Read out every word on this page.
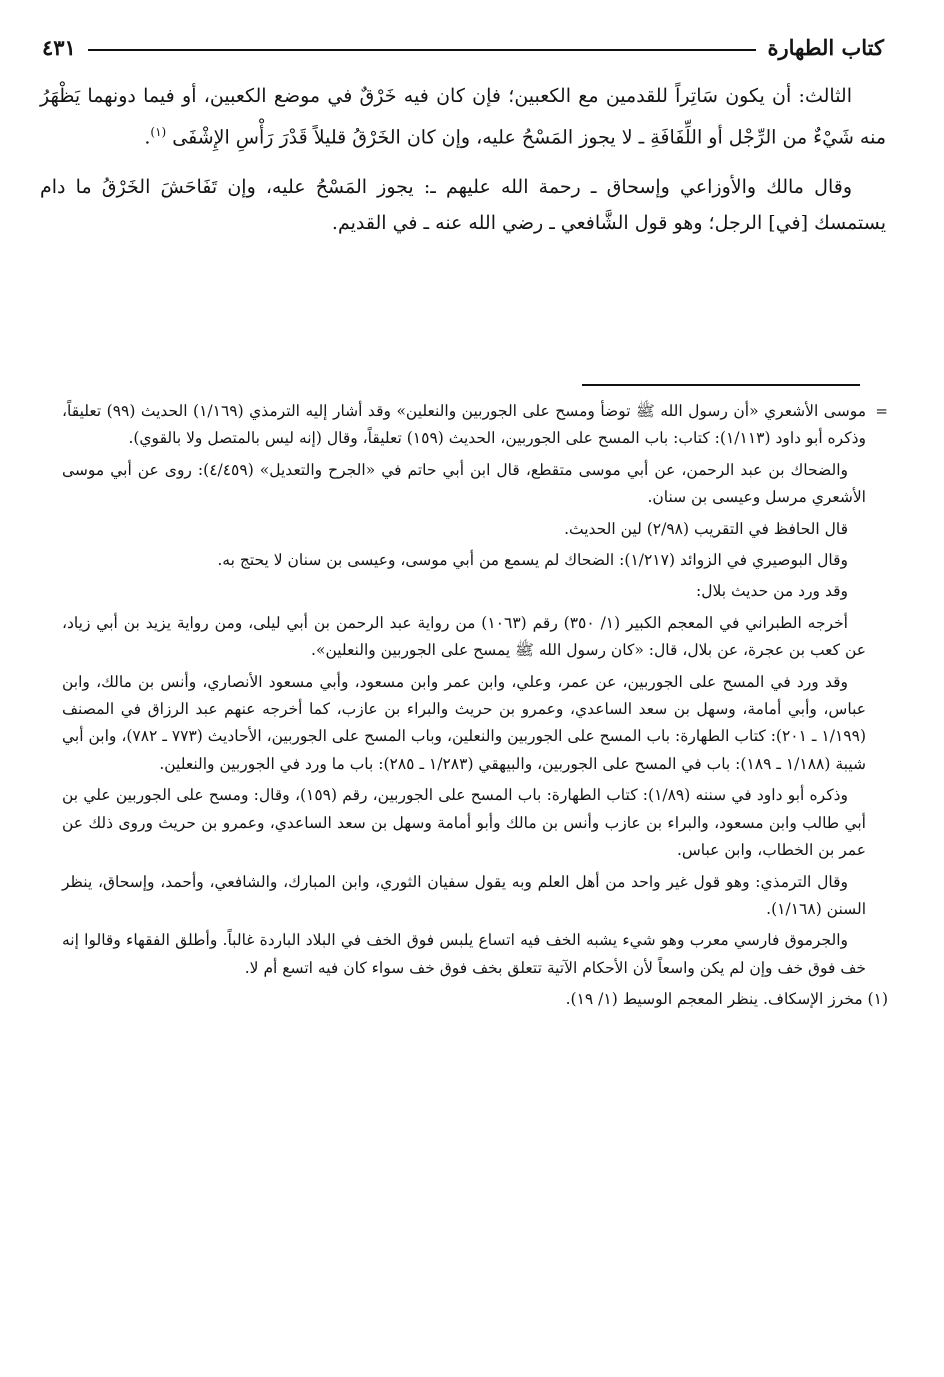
كتاب الطهارة
٤٣١

الثالث: أن يكون سَاتِراً للقدمين مع الكعبين؛ فإن كان فيه خَرْقٌ في موضع الكعبين، أو فيما دونهما يَظْهَرُ منه شَيْءٌ من الرِّجْل أو اللِّفَافَةِ ـ لا يجوز المَسْحُ عليه، وإن كان الخَرْقُ قليلاً قَدْرَ رَأْسِ الإِشْفَى $^{(١)}$.

وقال مالك والأوزاعي وإسحاق ـ رحمة الله عليهم ـ: يجوز المَسْحُ عليه، وإن تَفَاحَشَ الخَرْقُ ما دام يستمسك [في] الرجل؛ وهو قول الشَّافعي ـ رضي الله عنه ـ في القديم.

=
موسى الأشعري «أن رسول الله ﷺ توضأ ومسح على الجوربين والنعلين» وقد أشار إليه الترمذي (١/١٦٩) الحديث (٩٩) تعليقاً، وذكره أبو داود (١/١١٣): كتاب: باب المسح على الجوربين، الحديث (١٥٩) تعليقاً، وقال (إنه ليس بالمتصل ولا بالقوي).

والضحاك بن عبد الرحمن، عن أبي موسى متقطع، قال ابن أبي حاتم في «الجرح والتعديل» (٤/٤٥٩): روى عن أبي موسى الأشعري مرسل وعيسى بن سنان.

قال الحافظ في التقريب (٢/٩٨) لين الحديث.

وقال البوصيري في الزوائد (١/٢١٧): الضحاك لم يسمع من أبي موسى، وعيسى بن سنان لا يحتج به.

وقد ورد من حديث بلال:

أخرجه الطبراني في المعجم الكبير (١/ ٣٥٠) رقم (١٠٦٣) من رواية عبد الرحمن بن أبي ليلى، ومن رواية يزيد بن أبي زياد، عن كعب بن عجرة، عن بلال، قال: «كان رسول الله ﷺ يمسح على الجوربين والنعلين».

وقد ورد في المسح على الجوربين، عن عمر، وعلي، وابن عمر وابن مسعود، وأبي مسعود الأنصاري، وأنس بن مالك، وابن عباس، وأبي أمامة، وسهل بن سعد الساعدي، وعمرو بن حريث والبراء بن عازب، كما أخرجه عنهم عبد الرزاق في المصنف (١/١٩٩ ـ ٢٠١): كتاب الطهارة: باب المسح على الجوربين والنعلين، وباب المسح على الجوربين، الأحاديث (٧٧٣ ـ ٧٨٢)، وابن أبي شيبة (١/١٨٨ ـ ١٨٩): باب في المسح على الجوربين، والبيهقي (١/٢٨٣ ـ ٢٨٥): باب ما ورد في الجوربين والنعلين.

وذكره أبو داود في سننه (١/٨٩): كتاب الطهارة: باب المسح على الجوربين، رقم (١٥٩)، وقال: ومسح على الجوربين علي بن أبي طالب وابن مسعود، والبراء بن عازب وأنس بن مالك وأبو أمامة وسهل بن سعد الساعدي، وعمرو بن حريث وروى ذلك عن عمر بن الخطاب، وابن عباس.

وقال الترمذي: وهو قول غير واحد من أهل العلم وبه يقول سفيان الثوري، وابن المبارك، والشافعي، وأحمد، وإسحاق، ينظر السنن (١/١٦٨).

والجرموق فارسي معرب وهو شيء يشبه الخف فيه اتساع يلبس فوق الخف في البلاد الباردة غالباً. وأطلق الفقهاء وقالوا إنه خف فوق خف وإن لم يكن واسعاً لأن الأحكام الآتية تتعلق بخف فوق خف سواء كان فيه اتسع أم لا.

(١) مخرز الإسكاف. ينظر المعجم الوسيط (١/ ١٩).
